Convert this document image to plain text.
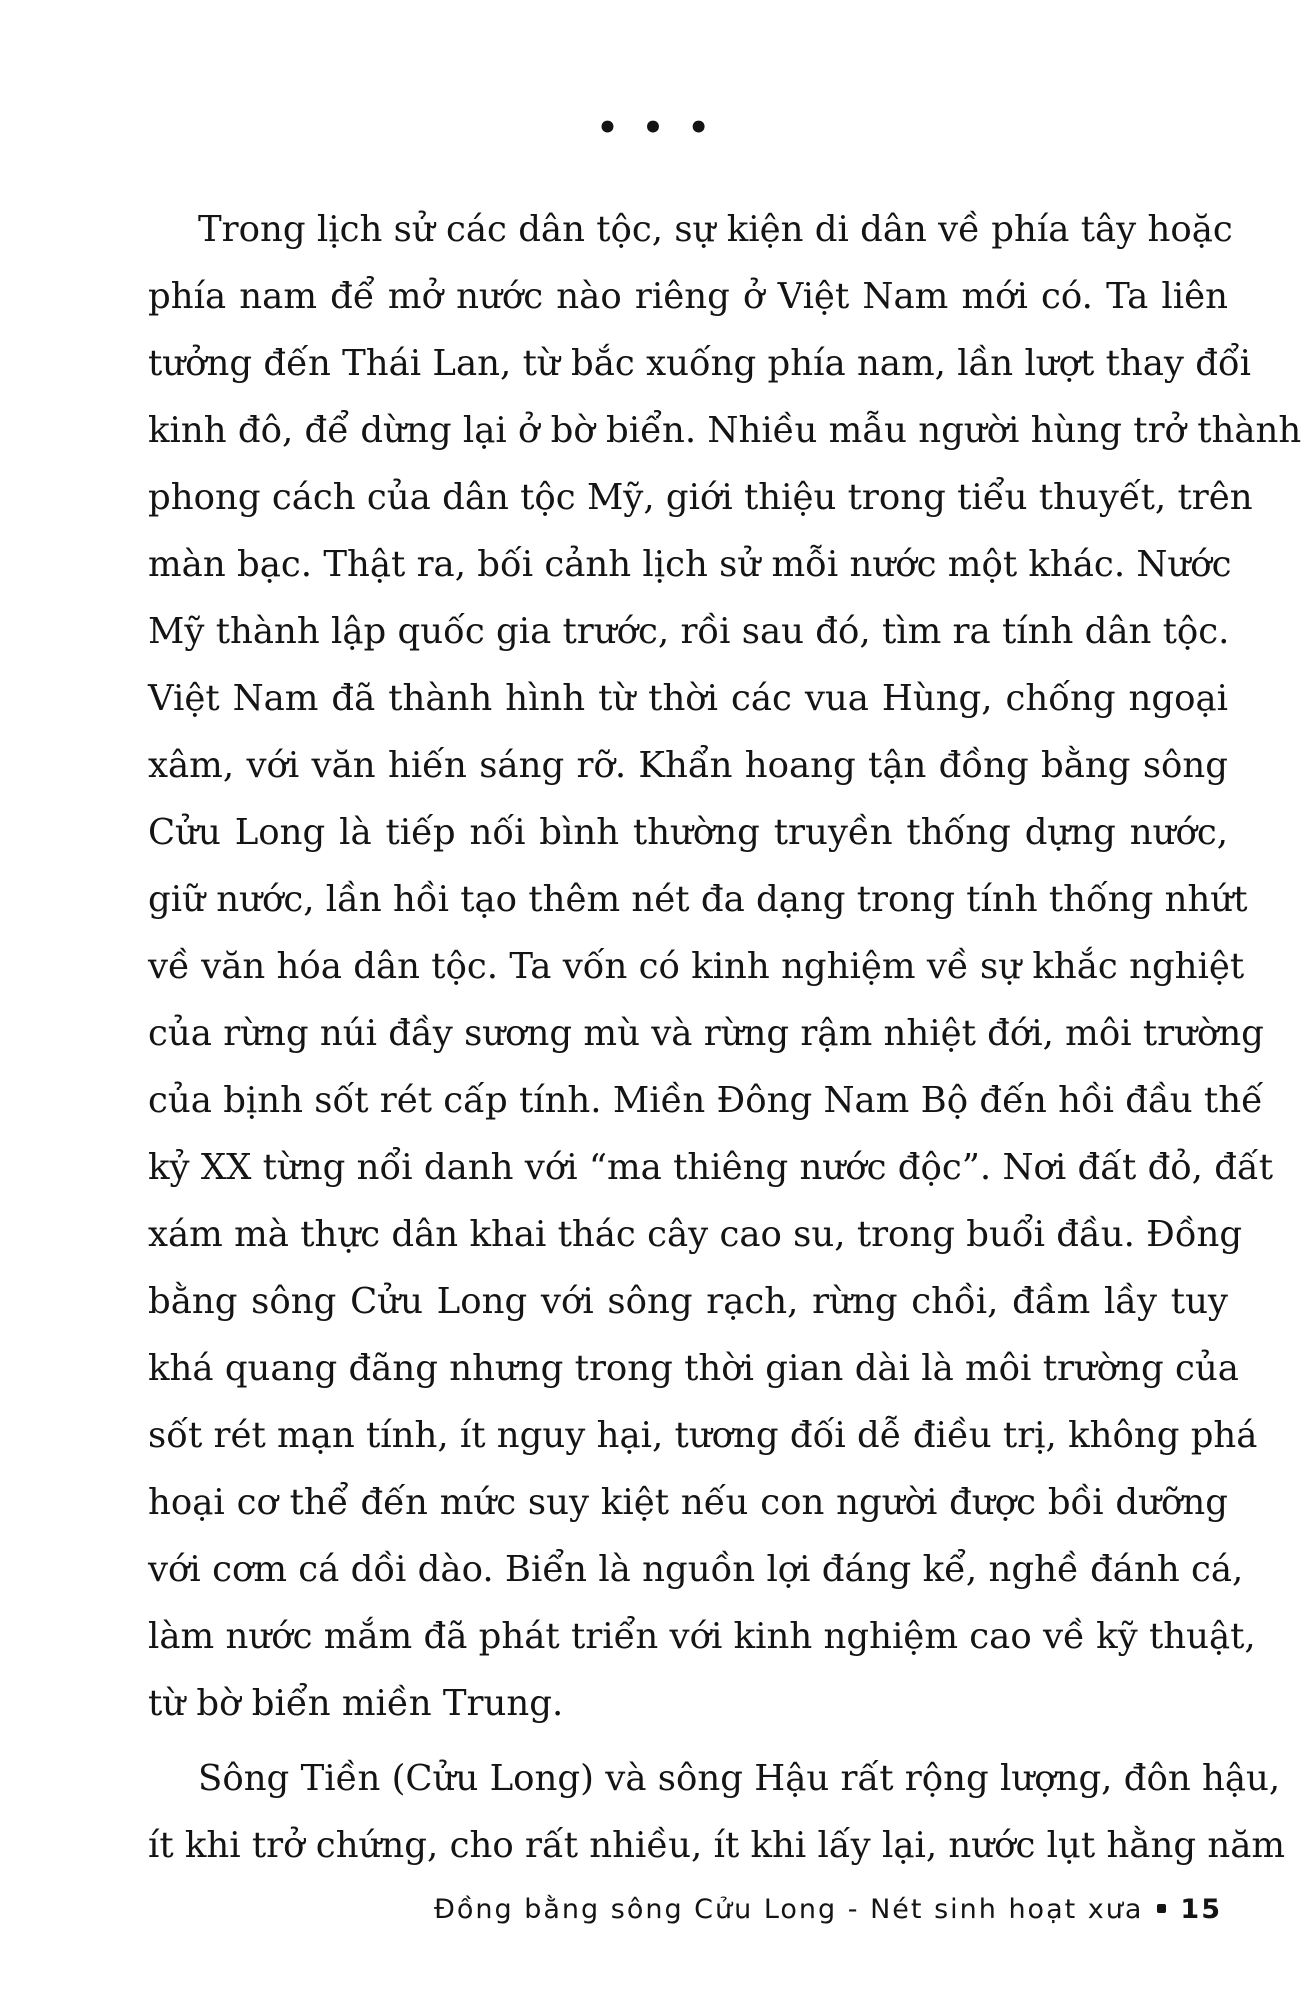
• • •
Trong lịch sử các dân tộc, sự kiện di dân về phía tây hoặc
phía nam để mở nước nào riêng ở Việt Nam mới có. Ta liên
tưởng đến Thái Lan, từ bắc xuống phía nam, lần lượt thay đổi
kinh đô, để dừng lại ở bờ biển. Nhiều mẫu người hùng trở thành
phong cách của dân tộc Mỹ, giới thiệu trong tiểu thuyết, trên
màn bạc. Thật ra, bối cảnh lịch sử mỗi nước một khác. Nước
Mỹ thành lập quốc gia trước, rồi sau đó, tìm ra tính dân tộc.
Việt Nam đã thành hình từ thời các vua Hùng, chống ngoại
xâm, với văn hiến sáng rỡ. Khẩn hoang tận đồng bằng sông
Cửu Long là tiếp nối bình thường truyền thống dựng nước,
giữ nước, lần hồi tạo thêm nét đa dạng trong tính thống nhứt
về văn hóa dân tộc. Ta vốn có kinh nghiệm về sự khắc nghiệt
của rừng núi đầy sương mù và rừng rậm nhiệt đới, môi trường
của bịnh sốt rét cấp tính. Miền Đông Nam Bộ đến hồi đầu thế
kỷ XX từng nổi danh với “ma thiêng nước độc”. Nơi đất đỏ, đất
xám mà thực dân khai thác cây cao su, trong buổi đầu. Đồng
bằng sông Cửu Long với sông rạch, rừng chồi, đầm lầy tuy
khá quang đãng nhưng trong thời gian dài là môi trường của
sốt rét mạn tính, ít nguy hại, tương đối dễ điều trị, không phá
hoại cơ thể đến mức suy kiệt nếu con người được bồi dưỡng
với cơm cá dồi dào. Biển là nguồn lợi đáng kể, nghề đánh cá,
làm nước mắm đã phát triển với kinh nghiệm cao về kỹ thuật,
từ bờ biển miền Trung.
Sông Tiền (Cửu Long) và sông Hậu rất rộng lượng, đôn hậu,
ít khi trở chứng, cho rất nhiều, ít khi lấy lại, nước lụt hằng năm
Đồng bằng sông Cửu Long - Nét sinh hoạt xưa 15
